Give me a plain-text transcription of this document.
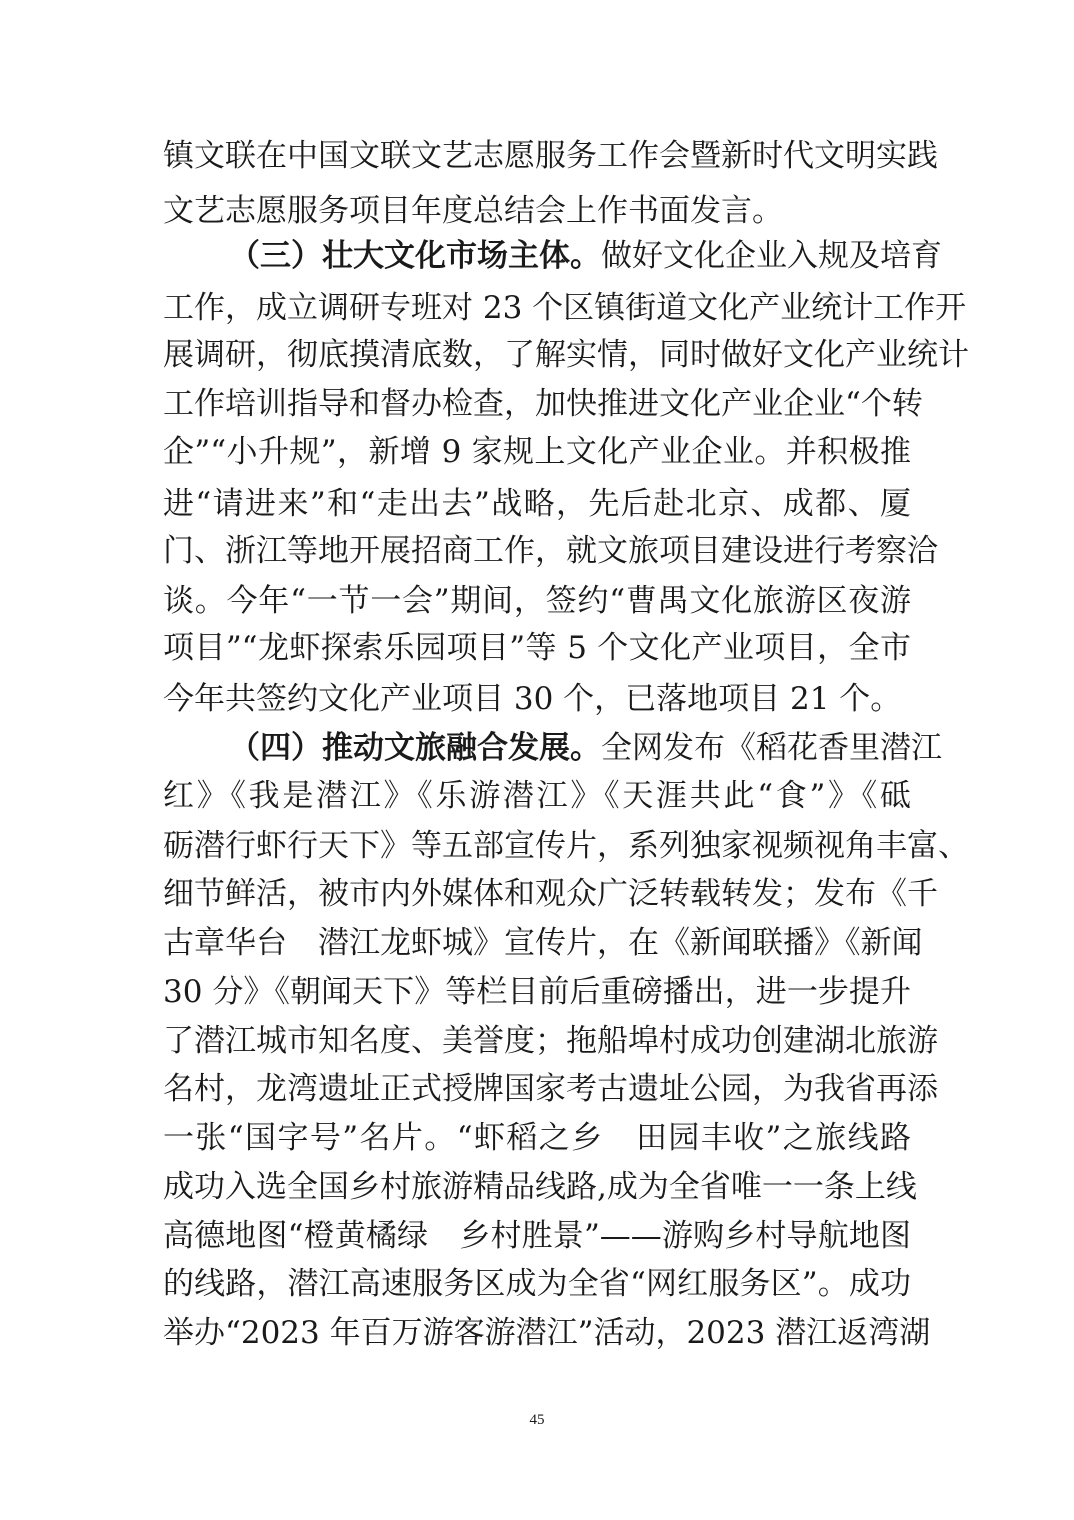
镇文联在中国文联文艺志愿服务工作会暨新时代文明实践
文艺志愿服务项目年度总结会上作书面发言。
（三）壮大文化市场主体。做好文化企业入规及培育
工作，成立调研专班对 23 个区镇街道文化产业统计工作开
展调研，彻底摸清底数，了解实情，同时做好文化产业统计
工作培训指导和督办检查，加快推进文化产业企业“个转
企”“小升规”，新增 9 家规上文化产业企业。并积极推
进“请进来”和“走出去”战略，先后赴北京、成都、厦
门、浙江等地开展招商工作，就文旅项目建设进行考察洽
谈。今年“一节一会”期间，签约“曹禺文化旅游区夜游
项目”“龙虾探索乐园项目”等 5 个文化产业项目，全市
今年共签约文化产业项目 30 个，已落地项目 21 个。
（四）推动文旅融合发展。全网发布《稻花香里潜江
红》《我是潜江》《乐游潜江》《天涯共此“食”》《砥
砺潜行虾行天下》等五部宣传片，系列独家视频视角丰富、
细节鲜活，被市内外媒体和观众广泛转载转发；发布《千
古章华台　潜江龙虾城》宣传片，在《新闻联播》《新闻
30 分》《朝闻天下》等栏目前后重磅播出，进一步提升
了潜江城市知名度、美誉度；拖船埠村成功创建湖北旅游
名村，龙湾遗址正式授牌国家考古遗址公园，为我省再添
一张“国字号”名片。“虾稻之乡　田园丰收”之旅线路
成功入选全国乡村旅游精品线路,成为全省唯一一条上线
高德地图“橙黄橘绿　乡村胜景”——游购乡村导航地图
的线路，潜江高速服务区成为全省“网红服务区”。成功
举办“2023 年百万游客游潜江”活动，2023 潜江返湾湖
45
